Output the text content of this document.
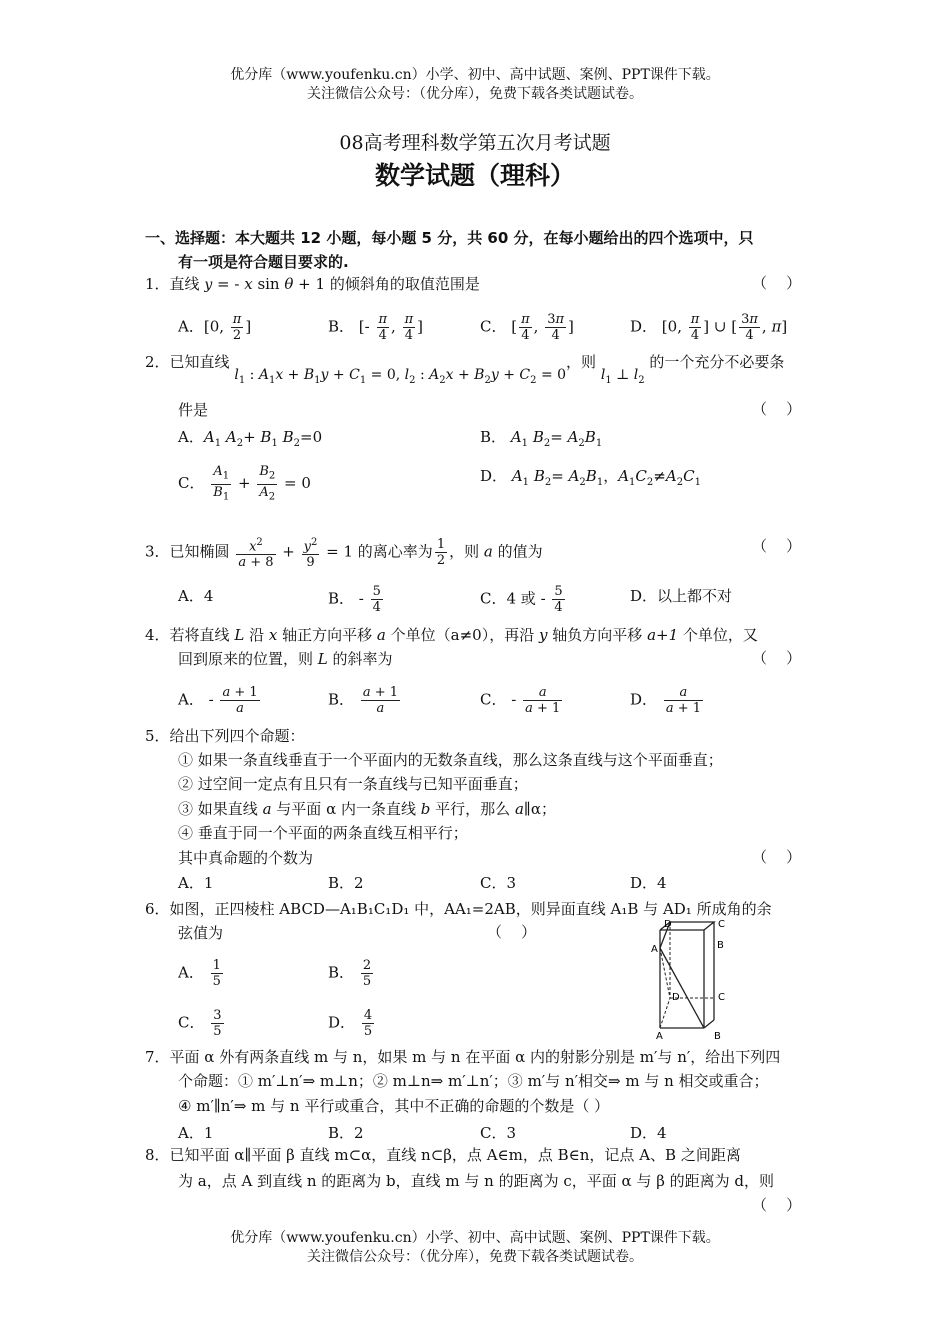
优分库（www.youfenku.cn）小学、初中、高中试题、案例、PPT课件下载。
关注微信公众号：（优分库），免费下载各类试题试卷。
08高考理科数学第五次月考试题
数学试题（理科）
一、选择题：本大题共 12 小题，每小题 5 分，共 60 分，在每小题给出的四个选项中，只
有一项是符合题目要求的.
1．直线 y = - x sin θ + 1 的倾斜角的取值范围是	（    ）
A．[0, $\frac{\pi}{2}$ ]	B． [- $\frac{\pi}{4}$ , $\frac{\pi}{4}$ ]	C． [ $\frac{\pi}{4}$ , $\frac{3\pi}{4}$ ]	D． [0, $\frac{\pi}{4}$ ] ∪ [ $\frac{3\pi}{4}$ , π]
2．已知直线 $l_1$ : $A_1x + B_1y + C_1 = 0$, $l_2$ : $A_2x + B_2y + C_2 = 0$，则 $l_1$ ⊥ $l_2$ 的一个充分不必要条
件是	（    ）
A．$A_1$ $A_2+ B_1$ $B_2=0$	B． $A_1$ $B_2= A_2B_1$
C． $\frac{A_1}{B_1} + \frac{B_2}{A_2} = 0$	D． $A_1$ $B_2= A_2B_1$，$A_1C_2\ne A_2C_1$
3．已知椭圆 $\frac{x^2}{a + 8} + \frac{y^2}{9} = 1$ 的离心率为 $\frac{1}{2}$ ，则 a 的值为	（    ）
A．4	B． - $\frac{5}{4}$	C．4 或 - $\frac{5}{4}$	D．以上都不对
4．若将直线 L 沿 x 轴正方向平移 a 个单位（a≠0），再沿 y 轴负方向平移 a+1 个单位，又
回到原来的位置，则 L 的斜率为	（    ）
A． - $\frac{a + 1}{a}$	B． $\frac{a + 1}{a}$	C． - $\frac{a}{a + 1}$	D． $\frac{a}{a + 1}$
5．给出下列四个命题：
① 如果一条直线垂直于一个平面内的无数条直线，那么这条直线与这个平面垂直；
② 过空间一定点有且只有一条直线与已知平面垂直；
③ 如果直线 a 与平面 α 内一条直线 b 平行，那么 a∥α；
④ 垂直于同一个平面的两条直线互相平行；
其中真命题的个数为	（    ）
A．1	B．2	C．3	D．4
6．如图，正四棱柱 ABCD—A₁B₁C₁D₁ 中，AA₁=2AB，则异面直线 A₁B 与 AD₁ 所成角的余
弦值为	（    ）
A． $\frac{1}{5}$	B． $\frac{2}{5}$
C． $\frac{3}{5}$	D． $\frac{4}{5}$
D	C
A	B
D	C
A	B
7．平面 α 外有两条直线 m 与 n，如果 m 与 n 在平面 α 内的射影分别是 m′与 n′，给出下列四
个命题：① m′⊥n′⇒ m⊥n；② m⊥n⇒ m′⊥n′；③ m′与 n′相交⇒ m 与 n 相交或重合；
④ m′∥n′⇒ m 与 n 平行或重合，其中不正确的命题的个数是（ ）
A．1	B．2	C．3	D．4
8．已知平面 α∥平面 β 直线 m⊂α，直线 n⊂β，点 A∈m，点 B∈n，记点 A、B 之间距离
为 a，点 A 到直线 n 的距离为 b，直线 m 与 n 的距离为 c，平面 α 与 β 的距离为 d，则
（    ）
优分库（www.youfenku.cn）小学、初中、高中试题、案例、PPT课件下载。
关注微信公众号：（优分库），免费下载各类试题试卷。
